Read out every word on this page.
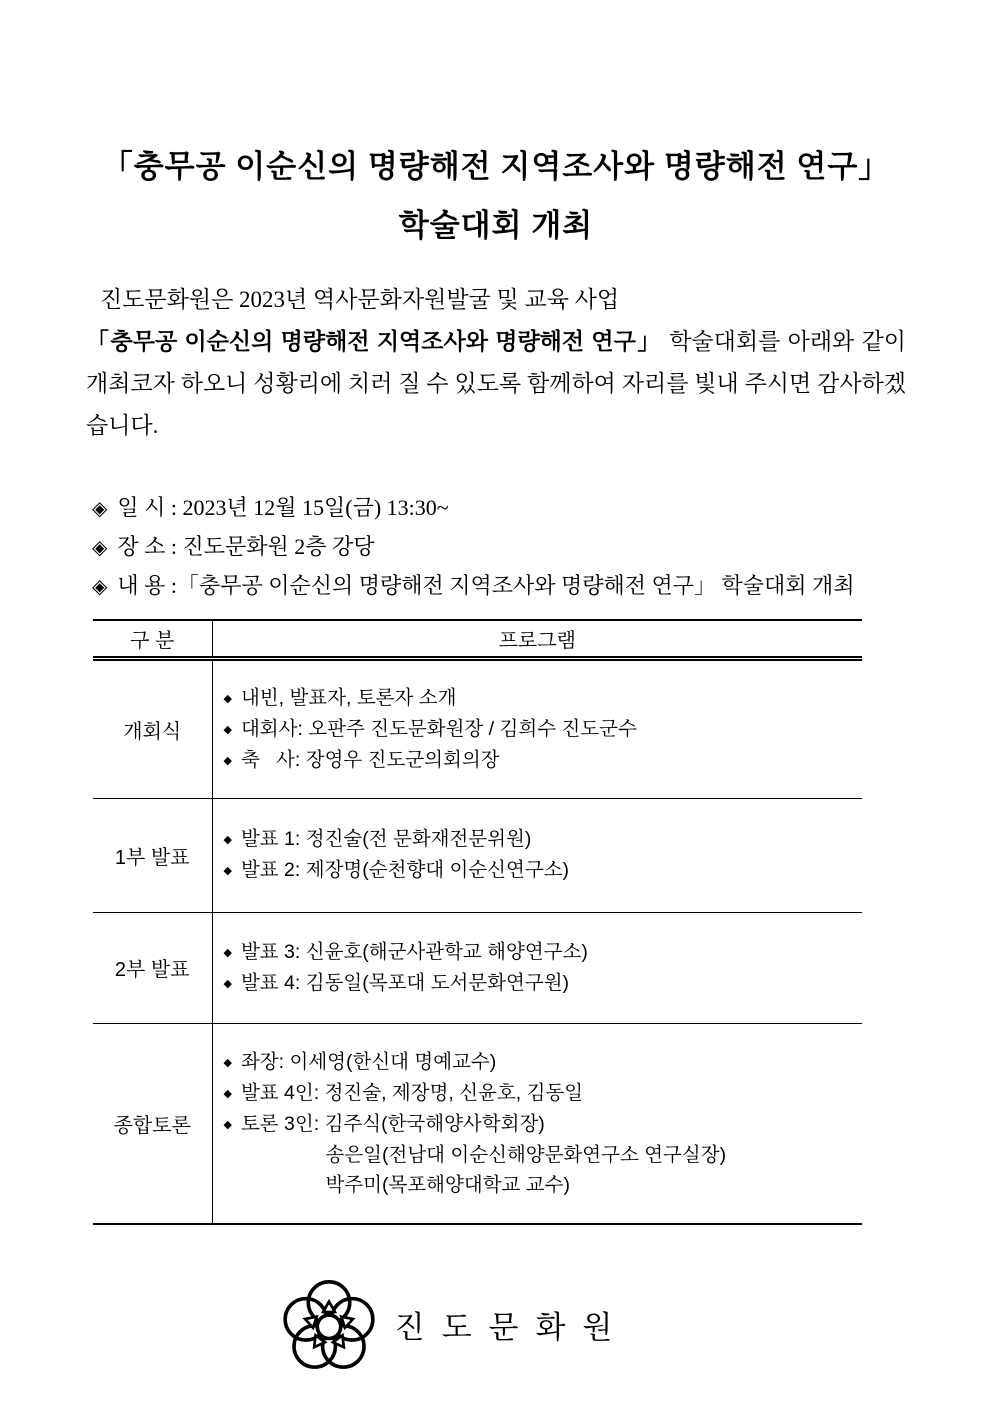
「충무공 이순신의 명량해전 지역조사와 명량해전 연구」
학술대회 개최

진도문화원은 2023년 역사문화자원발굴 및 교육 사업
「충무공 이순신의 명량해전 지역조사와 명량해전 연구」 학술대회를 아래와 같이 개최코자 하오니 성황리에 치러 질 수 있도록 함께하여 자리를 빛내 주시면 감사하겠습니다.

◈ 일 시 : 2023년 12월 15일(금) 13:30~
◈ 장 소 : 진도문화원 2층 강당
◈ 내 용 :「충무공 이순신의 명량해전 지역조사와 명량해전 연구」 학술대회 개최
구 분	프로그램
개회식	◆ 내빈, 발표자, 토론자 소개
◆ 대회사: 오판주 진도문화원장 / 김희수 진도군수
◆ 축   사: 장영우 진도군의회의장

1부 발표	◆ 발표 1: 정진술(전 문화재전문위원)
◆ 발표 2: 제장명(순천향대 이순신연구소)

2부 발표	◆ 발표 3: 신윤호(해군사관학교 해양연구소)
◆ 발표 4: 김동일(목포대 도서문화연구원)

종합토론	◆ 좌장: 이세영(한신대 명예교수)
◆ 발표 4인: 정진술, 제장명, 신윤호, 김동일
◆ 토론 3인: 김주식(한국해양사학회장)
송은일(전남대 이순신해양문화연구소 연구실장)
박주미(목포해양대학교 교수)
진도문화원
